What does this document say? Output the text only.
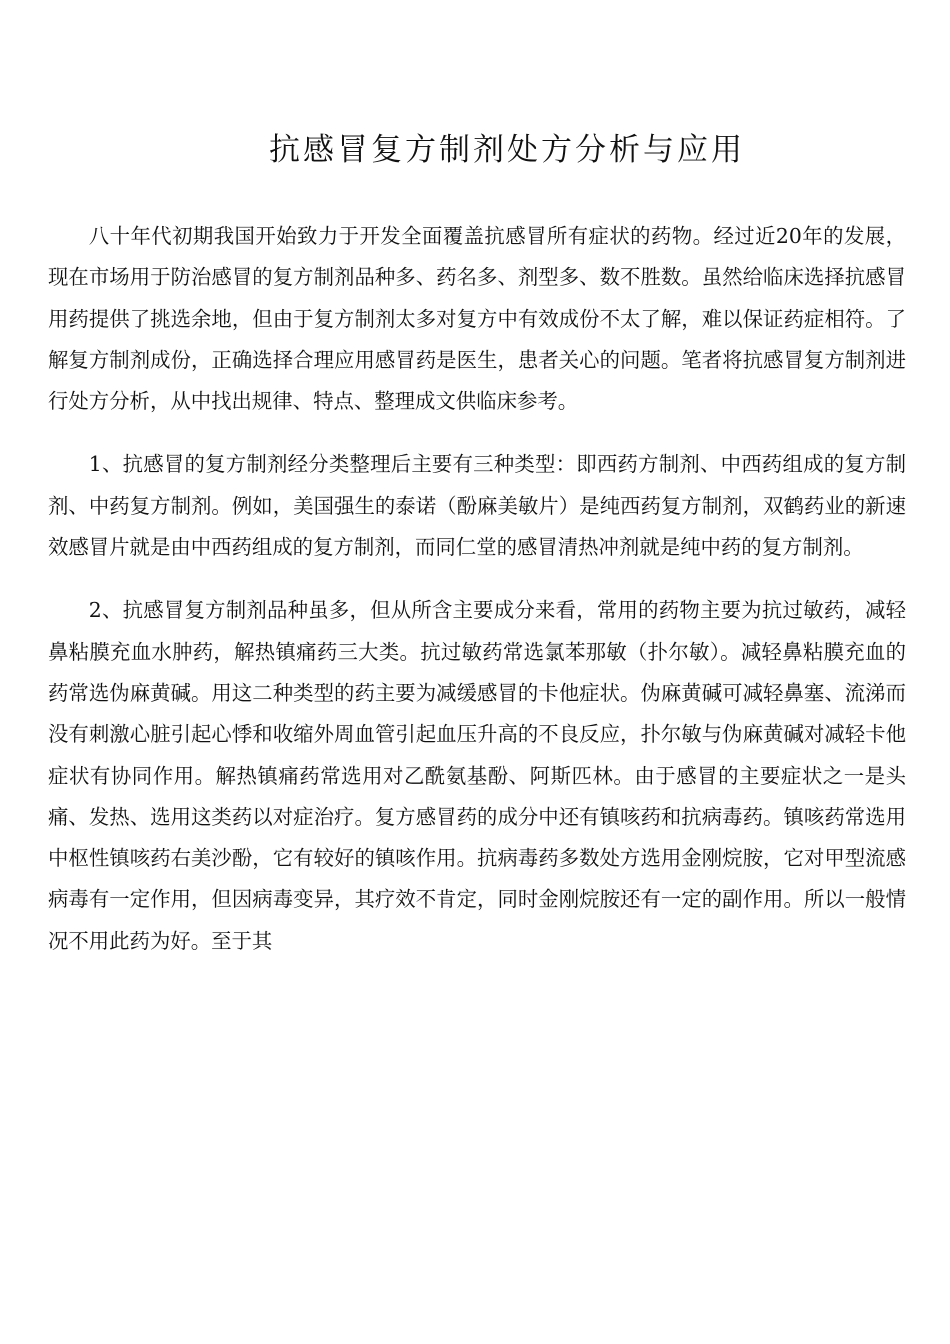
抗感冒复方制剂处方分析与应用

八十年代初期我国开始致力于开发全面覆盖抗感冒所有症状的药物。经过近20年的发展，现在市场用于防治感冒的复方制剂品种多、药名多、剂型多、数不胜数。虽然给临床选择抗感冒用药提供了挑选余地，但由于复方制剂太多对复方中有效成份不太了解，难以保证药症相符。了解复方制剂成份，正确选择合理应用感冒药是医生，患者关心的问题。笔者将抗感冒复方制剂进行处方分析，从中找出规律、特点、整理成文供临床参考。

1、抗感冒的复方制剂经分类整理后主要有三种类型：即西药方制剂、中西药组成的复方制剂、中药复方制剂。例如，美国强生的泰诺（酚麻美敏片）是纯西药复方制剂，双鹤药业的新速效感冒片就是由中西药组成的复方制剂，而同仁堂的感冒清热冲剂就是纯中药的复方制剂。

2、抗感冒复方制剂品种虽多，但从所含主要成分来看，常用的药物主要为抗过敏药，减轻鼻粘膜充血水肿药，解热镇痛药三大类。抗过敏药常选氯苯那敏（扑尔敏）。减轻鼻粘膜充血的药常选伪麻黄碱。用这二种类型的药主要为减缓感冒的卡他症状。伪麻黄碱可减轻鼻塞、流涕而没有刺激心脏引起心悸和收缩外周血管引起血压升高的不良反应，扑尔敏与伪麻黄碱对减轻卡他症状有协同作用。解热镇痛药常选用对乙酰氨基酚、阿斯匹林。由于感冒的主要症状之一是头痛、发热、选用这类药以对症治疗。复方感冒药的成分中还有镇咳药和抗病毒药。镇咳药常选用中枢性镇咳药右美沙酚，它有较好的镇咳作用。抗病毒药多数处方选用金刚烷胺，它对甲型流感病毒有一定作用，但因病毒变异，其疗效不肯定，同时金刚烷胺还有一定的副作用。所以一般情况不用此药为好。至于其
